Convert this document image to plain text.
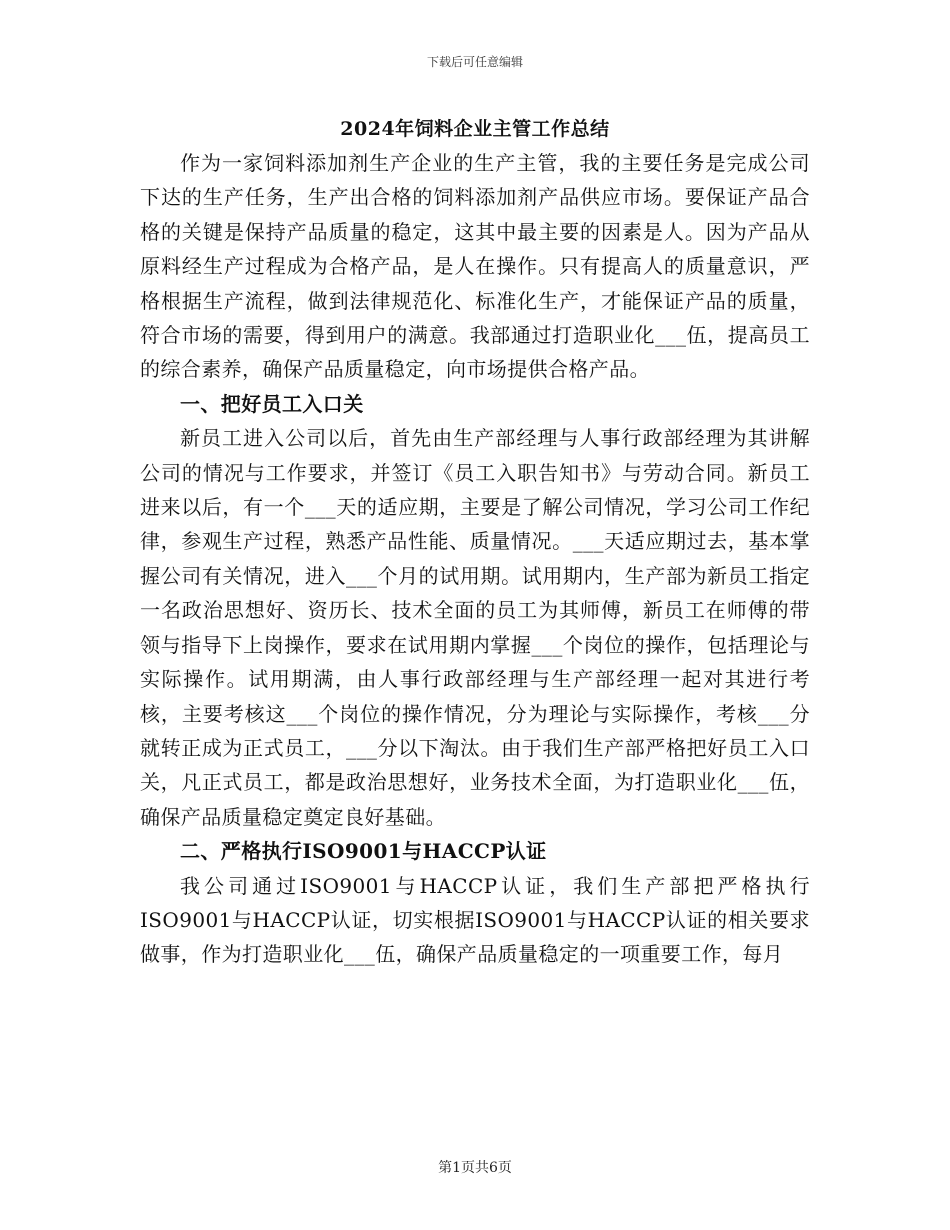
下载后可任意编辑
2024年饲料企业主管工作总结

作为一家饲料添加剂生产企业的生产主管，我的主要任务是完成公司下达的生产任务，生产出合格的饲料添加剂产品供应市场。要保证产品合格的关键是保持产品质量的稳定，这其中最主要的因素是人。因为产品从原料经生产过程成为合格产品，是人在操作。只有提高人的质量意识，严格根据生产流程，做到法律规范化、标准化生产，才能保证产品的质量，符合市场的需要，得到用户的满意。我部通过打造职业化___伍，提高员工的综合素养，确保产品质量稳定，向市场提供合格产品。

一、把好员工入口关

新员工进入公司以后，首先由生产部经理与人事行政部经理为其讲解公司的情况与工作要求，并签订《员工入职告知书》与劳动合同。新员工进来以后，有一个___天的适应期，主要是了解公司情况，学习公司工作纪律，参观生产过程，熟悉产品性能、质量情况。___天适应期过去，基本掌握公司有关情况，进入___个月的试用期。试用期内，生产部为新员工指定一名政治思想好、资历长、技术全面的员工为其师傅，新员工在师傅的带领与指导下上岗操作，要求在试用期内掌握___个岗位的操作，包括理论与实际操作。试用期满，由人事行政部经理与生产部经理一起对其进行考核，主要考核这___个岗位的操作情况，分为理论与实际操作，考核___分就转正成为正式员工，___分以下淘汰。由于我们生产部严格把好员工入口关，凡正式员工，都是政治思想好，业务技术全面，为打造职业化___伍，确保产品质量稳定奠定良好基础。

二、严格执行ISO9001与HACCP认证

我公司通过ISO9001与HACCP认证，我们生产部把严格执行ISO9001与HACCP认证，切实根据ISO9001与HACCP认证的相关要求做事，作为打造职业化___伍，确保产品质量稳定的一项重要工作，每月

第1页共6页
